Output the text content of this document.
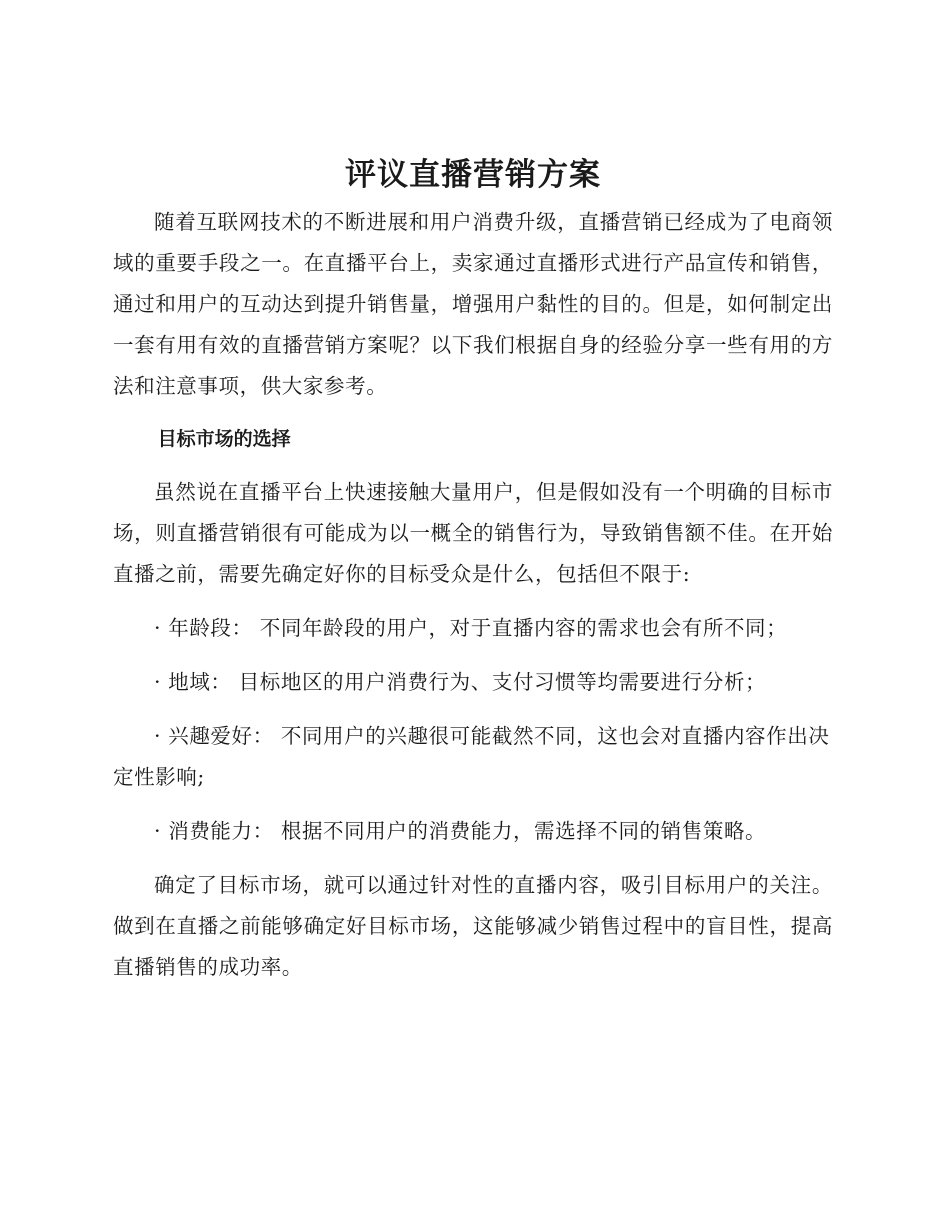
评议直播营销方案

随着互联网技术的不断进展和用户消费升级，直播营销已经成为了电商领域的重要手段之一。在直播平台上，卖家通过直播形式进行产品宣传和销售，通过和用户的互动达到提升销售量，增强用户黏性的目的。但是，如何制定出一套有用有效的直播营销方案呢？以下我们根据自身的经验分享一些有用的方法和注意事项，供大家参考。

目标市场的选择

虽然说在直播平台上快速接触大量用户，但是假如没有一个明确的目标市场，则直播营销很有可能成为以一概全的销售行为，导致销售额不佳。在开始直播之前，需要先确定好你的目标受众是什么，包括但不限于:

· 年龄段： 不同年龄段的用户，对于直播内容的需求也会有所不同；

· 地域： 目标地区的用户消费行为、支付习惯等均需要进行分析；

· 兴趣爱好： 不同用户的兴趣很可能截然不同，这也会对直播内容作出决定性影响;

· 消费能力： 根据不同用户的消费能力，需选择不同的销售策略。

确定了目标市场，就可以通过针对性的直播内容，吸引目标用户的关注。做到在直播之前能够确定好目标市场，这能够减少销售过程中的盲目性，提高直播销售的成功率。
